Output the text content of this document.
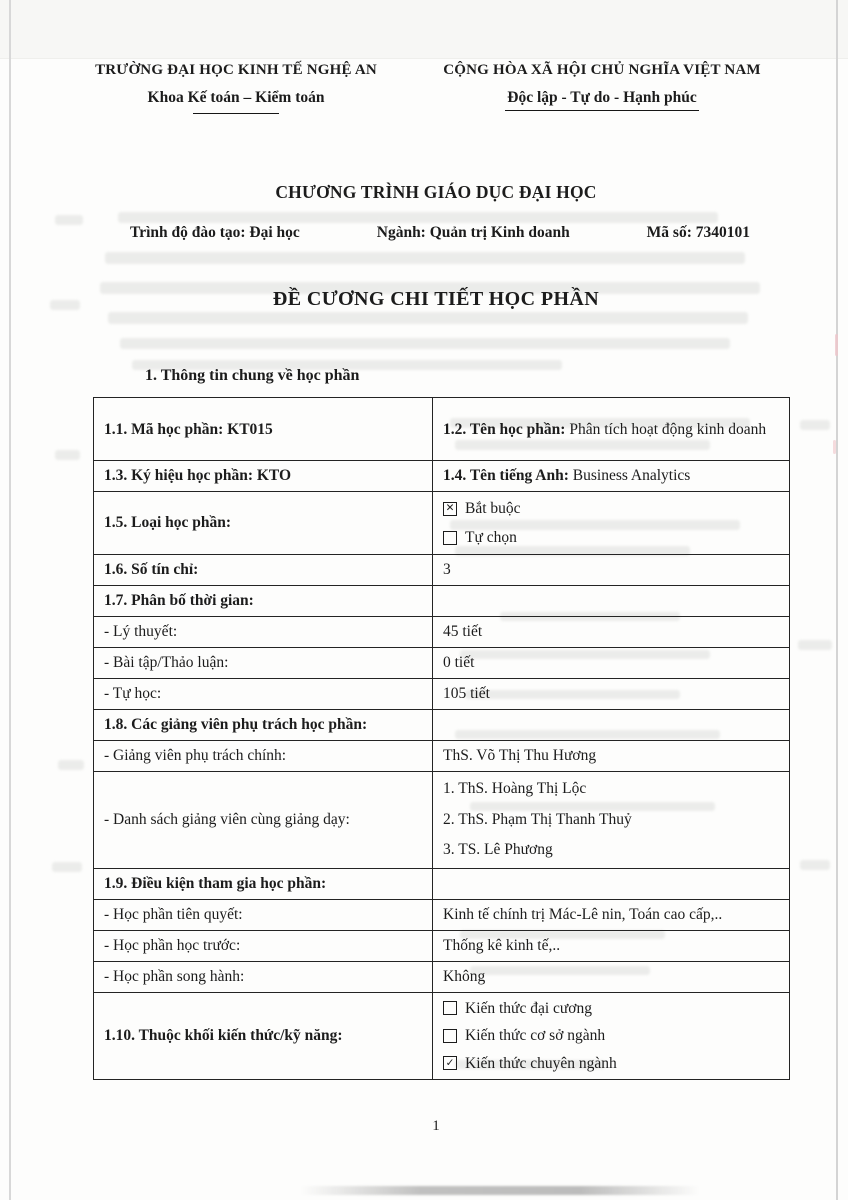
TRƯỜNG ĐẠI HỌC KINH TẾ NGHỆ AN
Khoa Kế toán – Kiểm toán
CỘNG HÒA XÃ HỘI CHỦ NGHĨA VIỆT NAM
Độc lập - Tự do - Hạnh phúc
CHƯƠNG TRÌNH GIÁO DỤC ĐẠI HỌC
Trình độ đào tạo: Đại học	Ngành: Quản trị Kinh doanh	Mã số: 7340101
ĐỀ CƯƠNG CHI TIẾT HỌC PHẦN
1. Thông tin chung về học phần
1.1. Mã học phần: KT015	1.2. Tên học phần: Phân tích hoạt động kinh doanh
1.3. Ký hiệu học phần: KTO	1.4. Tên tiếng Anh: Business Analytics
1.5. Loại học phần:
✕ Bắt buộc
Tự chọn
1.6. Số tín chỉ:	3
1.7. Phân bố thời gian:
- Lý thuyết:	45 tiết
- Bài tập/Thảo luận:	0 tiết
- Tự học:	105 tiết
1.8. Các giảng viên phụ trách học phần:
- Giảng viên phụ trách chính:	ThS. Võ Thị Thu Hương
- Danh sách giảng viên cùng giảng dạy:
1. ThS. Hoàng Thị Lộc
2. ThS. Phạm Thị Thanh Thuỷ
3. TS. Lê Phương
1.9. Điều kiện tham gia học phần:
- Học phần tiên quyết:	Kinh tế chính trị Mác-Lê nin, Toán cao cấp,..
- Học phần học trước:	Thống kê kinh tế,..
- Học phần song hành:	Không
1.10. Thuộc khối kiến thức/kỹ năng:
Kiến thức đại cương
Kiến thức cơ sở ngành
✓ Kiến thức chuyên ngành
1
